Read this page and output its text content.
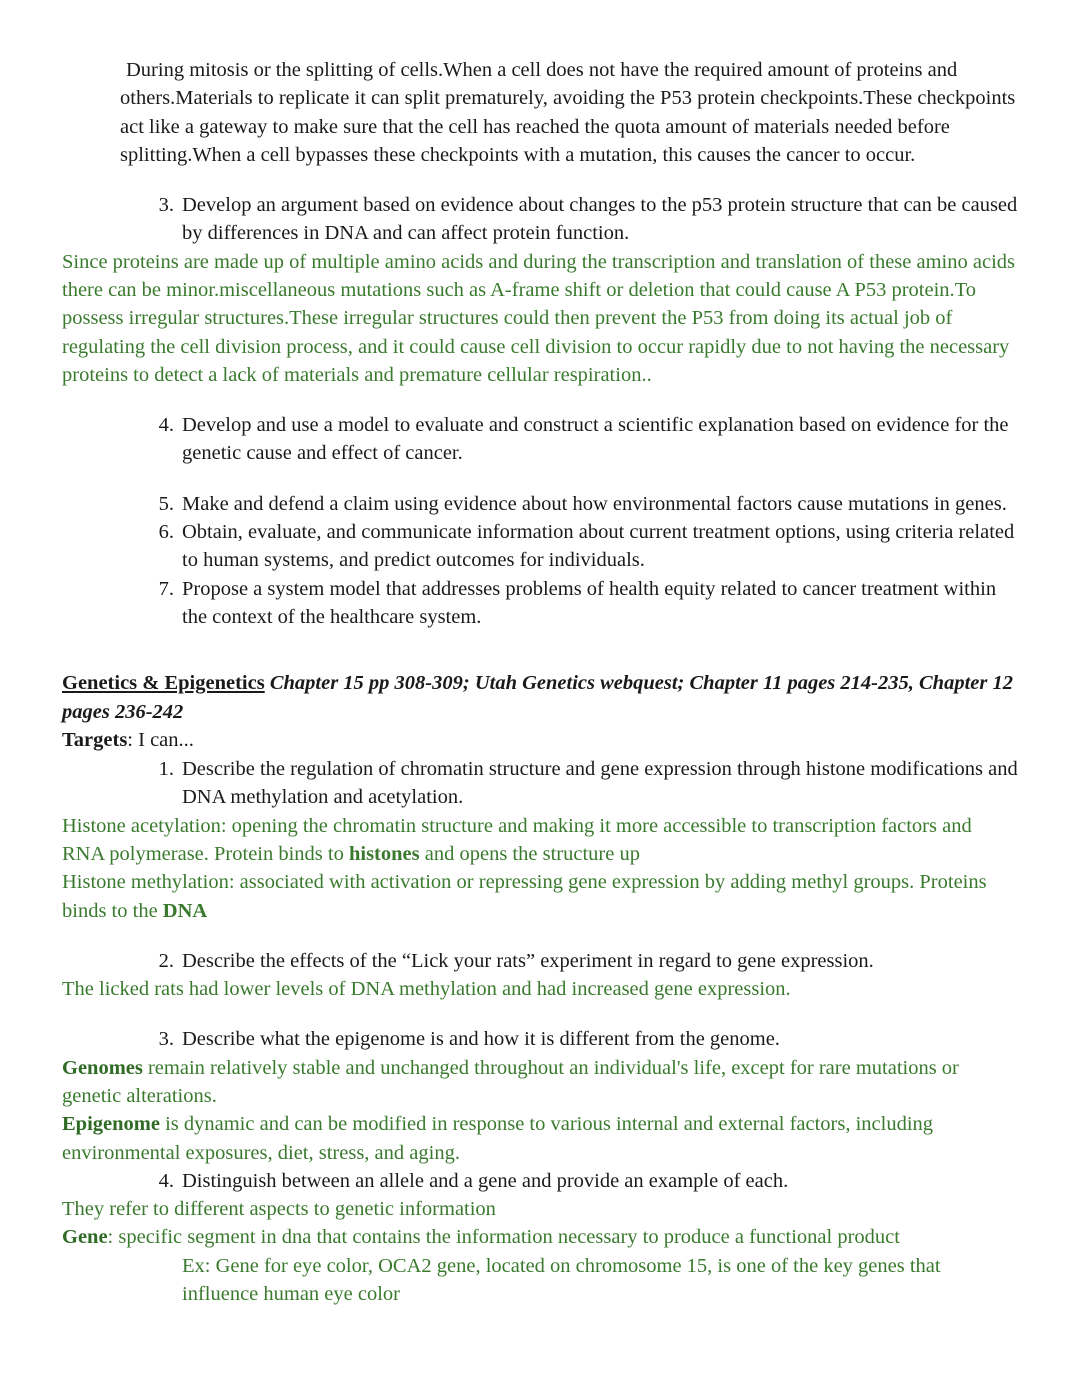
During mitosis or the splitting of cells.When a cell does not have the required amount of proteins and others.Materials to replicate it can split prematurely, avoiding the P53 protein checkpoints.These checkpoints act like a gateway to make sure that the cell has reached the quota amount of materials needed before splitting.When a cell bypasses these checkpoints with a mutation, this causes the cancer to occur.

3. Develop an argument based on evidence about changes to the p53 protein structure that can be caused by differences in DNA and can affect protein function.

Since proteins are made up of multiple amino acids and during the transcription and translation of these amino acids there can be minor.miscellaneous mutations such as A-frame shift or deletion that could cause A P53 protein.To possess irregular structures.These irregular structures could then prevent the P53 from doing its actual job of regulating the cell division process, and it could cause cell division to occur rapidly due to not having the necessary proteins to detect a lack of materials and premature cellular respiration..

4. Develop and use a model to evaluate and construct a scientific explanation based on evidence for the genetic cause and effect of cancer.
5. Make and defend a claim using evidence about how environmental factors cause mutations in genes.
6. Obtain, evaluate, and communicate information about current treatment options, using criteria related to human systems, and predict outcomes for individuals.
7. Propose a system model that addresses problems of health equity related to cancer treatment within the context of the healthcare system.
Genetics & Epigenetics Chapter 15 pp 308-309; Utah Genetics webquest; Chapter 11 pages 214-235, Chapter 12 pages 236-242
Targets: I can...
1. Describe the regulation of chromatin structure and gene expression through histone modifications and DNA methylation and acetylation.

Histone acetylation: opening the chromatin structure and making it more accessible to transcription factors and RNA polymerase. Protein binds to histones and opens the structure up

Histone methylation: associated with activation or repressing gene expression by adding methyl groups. Proteins binds to the DNA

2. Describe the effects of the “Lick your rats” experiment in regard to gene expression.

The licked rats had lower levels of DNA methylation and had increased gene expression.

3. Describe what the epigenome is and how it is different from the genome.

Genomes remain relatively stable and unchanged throughout an individual's life, except for rare mutations or genetic alterations.

Epigenome is dynamic and can be modified in response to various internal and external factors, including environmental exposures, diet, stress, and aging.

4. Distinguish between an allele and a gene and provide an example of each.

They refer to different aspects to genetic information

Gene: specific segment in dna that contains the information necessary to produce a functional product

Ex: Gene for eye color, OCA2 gene, located on chromosome 15, is one of the key genes that influence human eye color
